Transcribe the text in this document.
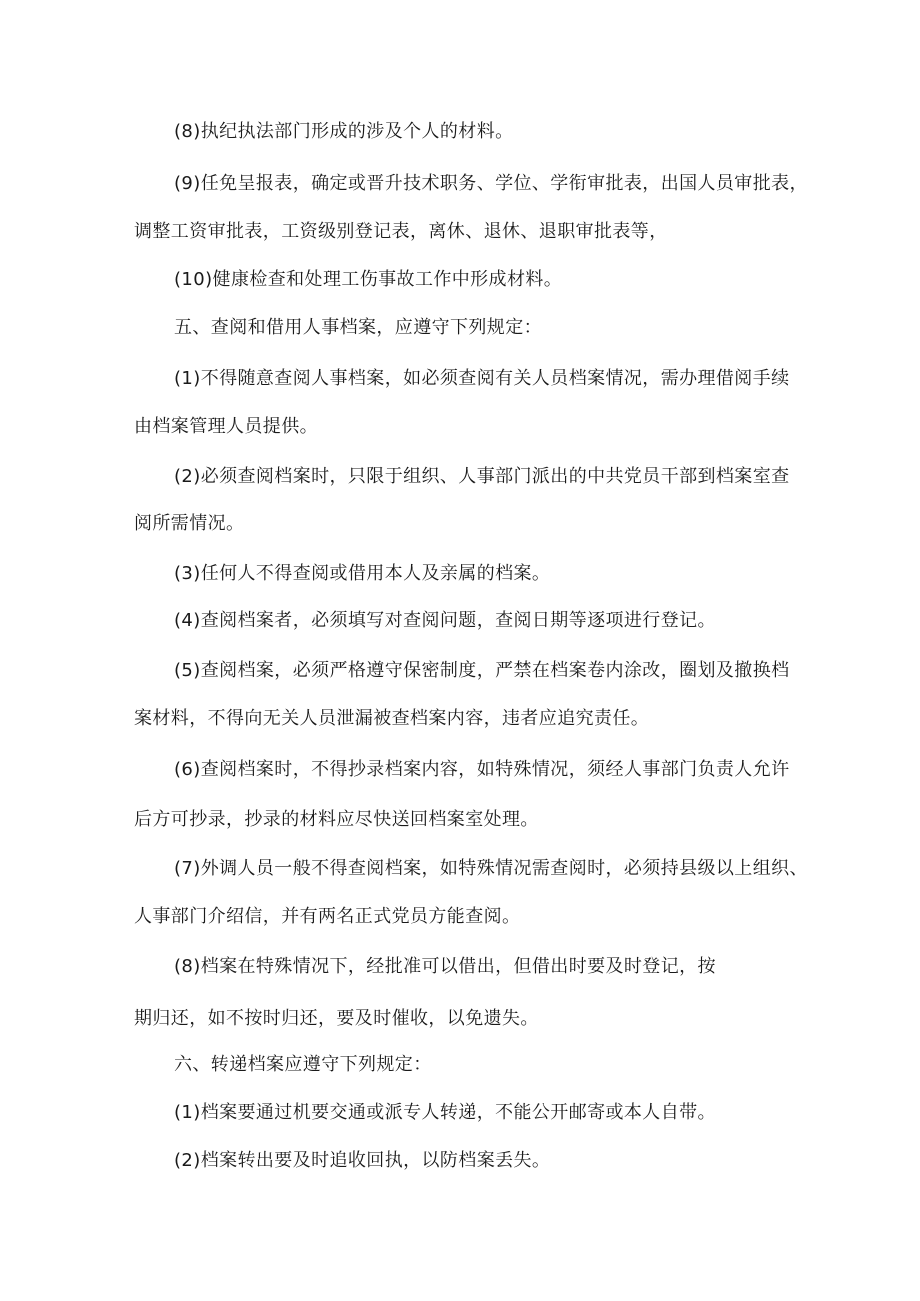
(8)执纪执法部门形成的涉及个人的材料。
(9)任免呈报表，确定或晋升技术职务、学位、学衔审批表，出国人员审批表，
调整工资审批表，工资级别登记表，离休、退休、退职审批表等，
(10)健康检查和处理工伤事故工作中形成材料。
五、查阅和借用人事档案，应遵守下列规定：
(1)不得随意查阅人事档案，如必须查阅有关人员档案情况，需办理借阅手续
由档案管理人员提供。
(2)必须查阅档案时，只限于组织、人事部门派出的中共党员干部到档案室查
阅所需情况。
(3)任何人不得查阅或借用本人及亲属的档案。
(4)查阅档案者，必须填写对查阅问题，查阅日期等逐项进行登记。
(5)查阅档案，必须严格遵守保密制度，严禁在档案卷内涂改，圈划及撤换档
案材料，不得向无关人员泄漏被查档案内容，违者应追究责任。
(6)查阅档案时，不得抄录档案内容，如特殊情况，须经人事部门负责人允许
后方可抄录，抄录的材料应尽快送回档案室处理。
(7)外调人员一般不得查阅档案，如特殊情况需查阅时，必须持县级以上组织、
人事部门介绍信，并有两名正式党员方能查阅。
(8)档案在特殊情况下，经批准可以借出，但借出时要及时登记，按
期归还，如不按时归还，要及时催收，以免遗失。
六、转递档案应遵守下列规定：
(1)档案要通过机要交通或派专人转递，不能公开邮寄或本人自带。
(2)档案转出要及时追收回执，以防档案丢失。
